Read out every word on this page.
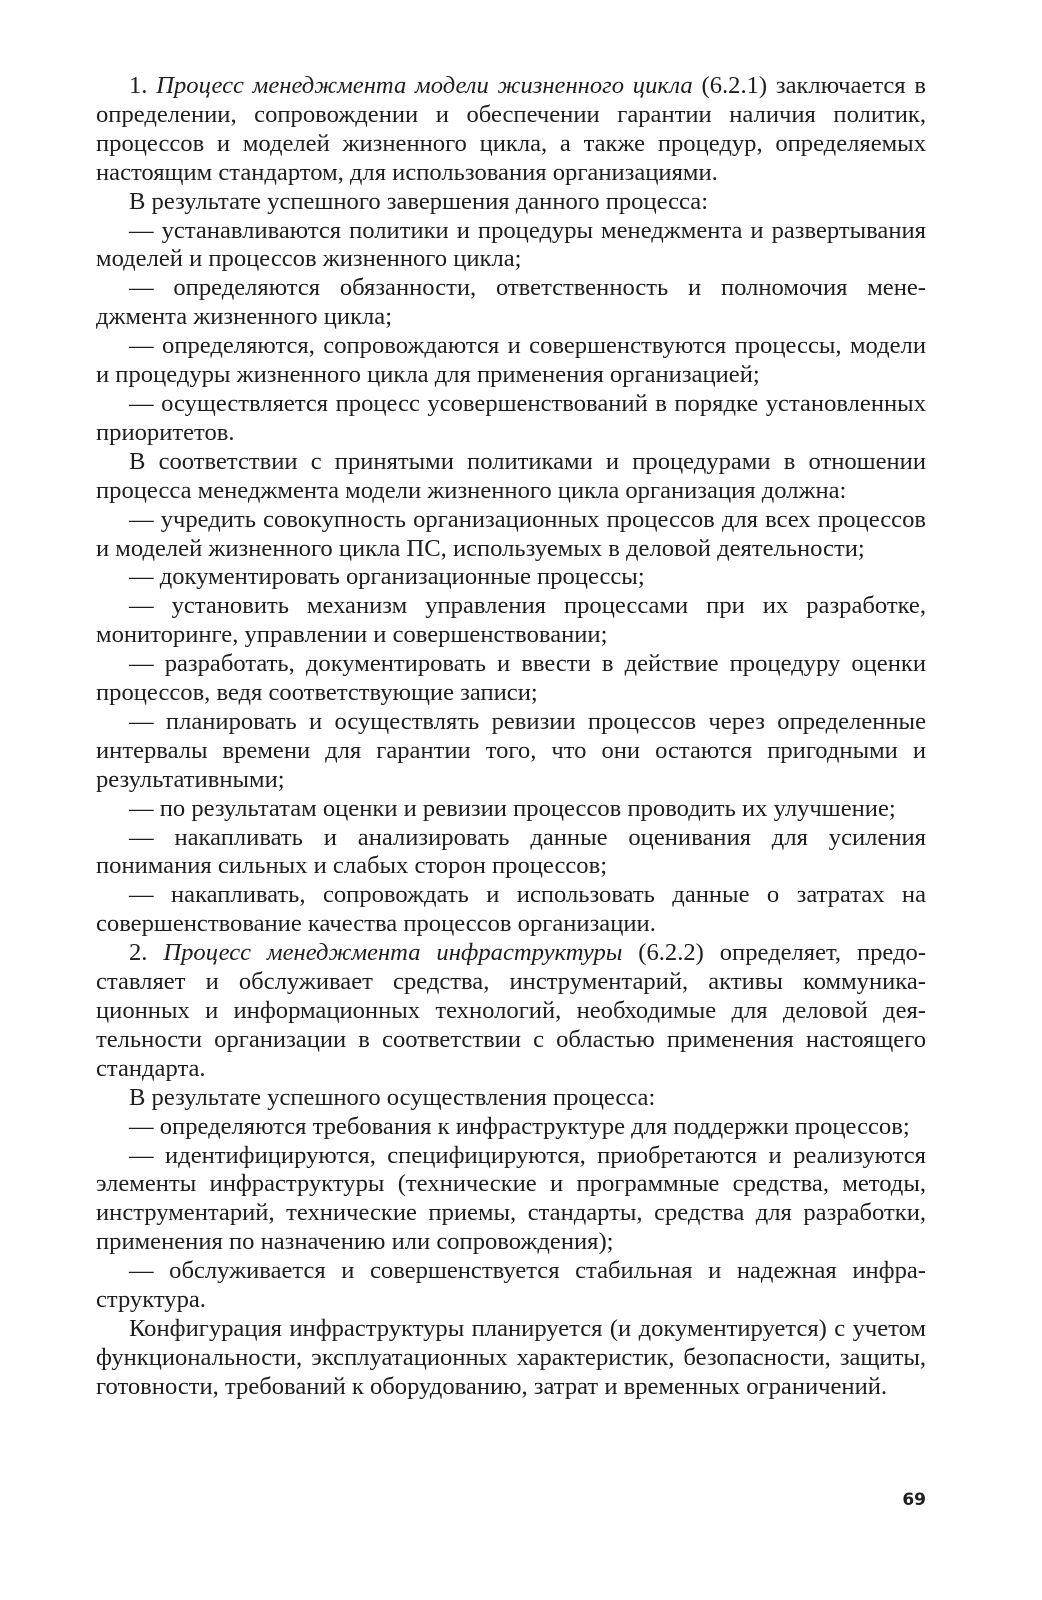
1. Процесс менеджмента модели жизненного цикла (6.2.1) заключается в определении, сопровождении и обеспечении гарантии наличия политик, процессов и моделей жизненного цикла, а также процедур, определяемых настоящим стандартом, для использования организациями.

В результате успешного завершения данного процесса:

— устанавливаются политики и процедуры менеджмента и развертывания моделей и процессов жизненного цикла;

— определяются обязанности, ответственность и полномочия менеджмента жизненного цикла;

— определяются, сопровождаются и совершенствуются процессы, модели и процедуры жизненного цикла для применения организацией;

— осуществляется процесс усовершенствований в порядке установленных приоритетов.

В соответствии с принятыми политиками и процедурами в отношении процесса менеджмента модели жизненного цикла организация должна:

— учредить совокупность организационных процессов для всех процессов и моделей жизненного цикла ПС, используемых в деловой деятельности;

— документировать организационные процессы;

— установить механизм управления процессами при их разработке, мониторинге, управлении и совершенствовании;

— разработать, документировать и ввести в действие процедуру оценки процессов, ведя соответствующие записи;

— планировать и осуществлять ревизии процессов через определенные интервалы времени для гарантии того, что они остаются пригодными и результативными;

— по результатам оценки и ревизии процессов проводить их улучшение;

— накапливать и анализировать данные оценивания для усиления понимания сильных и слабых сторон процессов;

— накапливать, сопровождать и использовать данные о затратах на совершенствование качества процессов организации.

2. Процесс менеджмента инфраструктуры (6.2.2) определяет, предоставляет и обслуживает средства, инструментарий, активы коммуникационных и информационных технологий, необходимые для деловой деятельности организации в соответствии с областью применения настоящего стандарта.

В результате успешного осуществления процесса:

— определяются требования к инфраструктуре для поддержки процессов;

— идентифицируются, специфицируются, приобретаются и реализуются элементы инфраструктуры (технические и программные средства, методы, инструментарий, технические приемы, стандарты, средства для разработки, применения по назначению или сопровождения);

— обслуживается и совершенствуется стабильная и надежная инфраструктура.

Конфигурация инфраструктуры планируется (и документируется) с учетом функциональности, эксплуатационных характеристик, безопасности, защиты, готовности, требований к оборудованию, затрат и временных ограничений.

69
